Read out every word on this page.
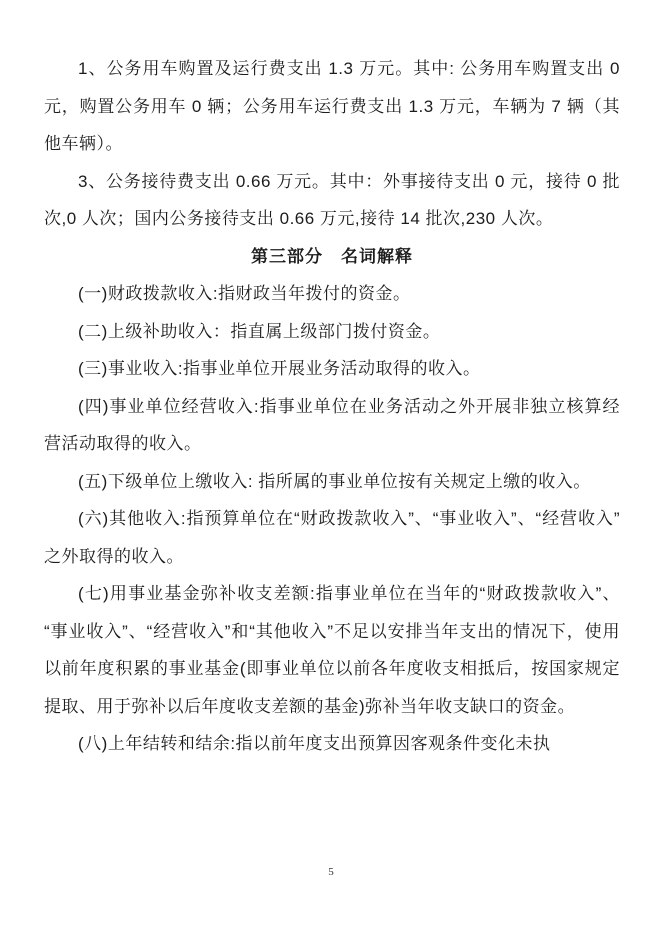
1、公务用车购置及运行费支出 1.3 万元。其中: 公务用车购置支出 0 元，购置公务用车 0 辆；公务用车运行费支出 1.3 万元，车辆为 7 辆（其他车辆）。

3、公务接待费支出 0.66 万元。其中：外事接待支出 0 元，接待 0 批次,0 人次；国内公务接待支出 0.66 万元,接待 14 批次,230 人次。

第三部分　名词解释

(一)财政拨款收入:指财政当年拨付的资金。

(二)上级补助收入：指直属上级部门拨付资金。

(三)事业收入:指事业单位开展业务活动取得的收入。

(四)事业单位经营收入:指事业单位在业务活动之外开展非独立核算经营活动取得的收入。

(五)下级单位上缴收入: 指所属的事业单位按有关规定上缴的收入。

(六)其他收入:指预算单位在“财政拨款收入”、“事业收入”、“经营收入”之外取得的收入。

(七)用事业基金弥补收支差额:指事业单位在当年的“财政拨款收入”、“事业收入”、“经营收入”和“其他收入”不足以安排当年支出的情况下，使用以前年度积累的事业基金(即事业单位以前各年度收支相抵后，按国家规定提取、用于弥补以后年度收支差额的基金)弥补当年收支缺口的资金。

(八)上年结转和结余:指以前年度支出预算因客观条件变化未执

5
